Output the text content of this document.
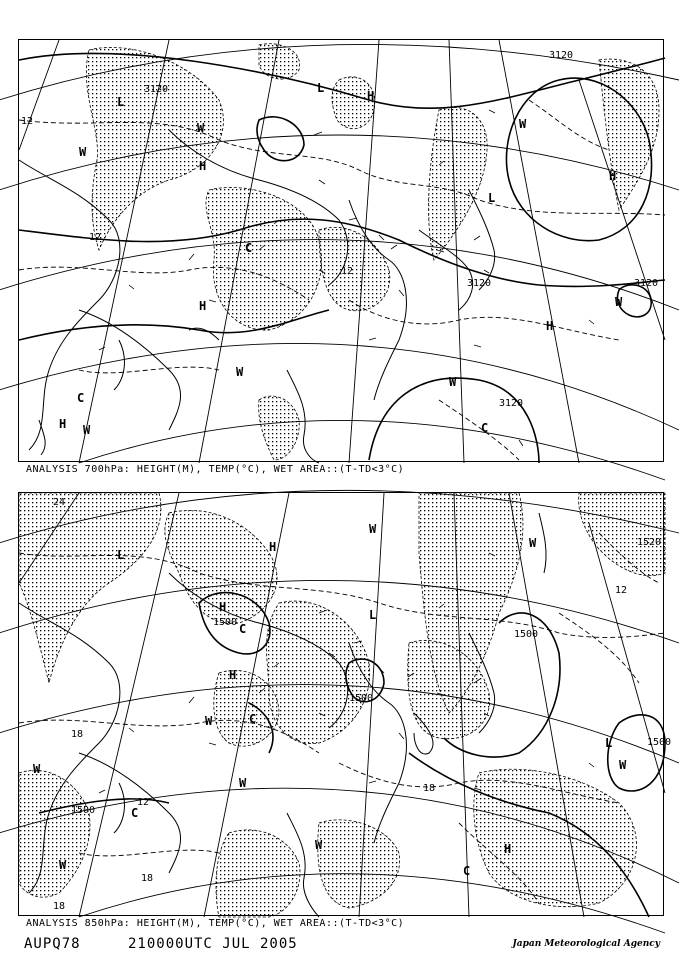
3120
3120
3120	3120
3120
12
12
12
H
H
H
H
H
H
L
L
L
C
C
C
W
W
W
W
W
W
W
ANALYSIS 700hPa: HEIGHT(M), TEMP(°C), WET AREA::(T-TD<3°C)
1500
1500
1500
1500
1500
1520
24
18
18
18
18
12
12
H
H
H
H
L
L
L
C
C
C
C
W
W
W
W
W
W
W
W
ANALYSIS 850hPa: HEIGHT(M), TEMP(°C), WET AREA::(T-TD<3°C)
AUPQ78	210000UTC JUL 2005	Japan Meteorological Agency
